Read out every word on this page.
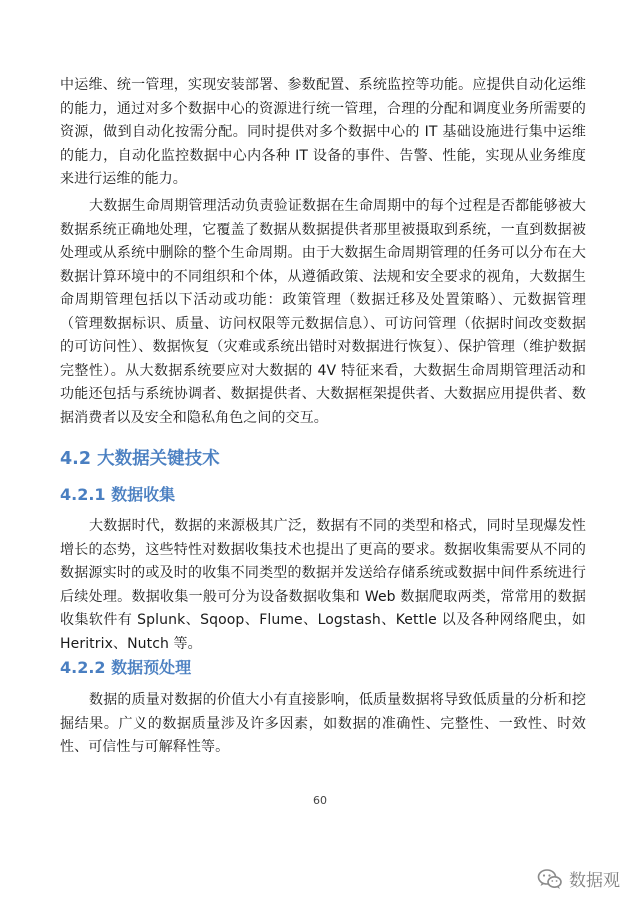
中运维、统一管理，实现安装部署、参数配置、系统监控等功能。应提供自动化运维的能力，通过对多个数据中心的资源进行统一管理，合理的分配和调度业务所需要的资源，做到自动化按需分配。同时提供对多个数据中心的 IT 基础设施进行集中运维的能力，自动化监控数据中心内各种 IT 设备的事件、告警、性能，实现从业务维度来进行运维的能力。

大数据生命周期管理活动负责验证数据在生命周期中的每个过程是否都能够被大数据系统正确地处理，它覆盖了数据从数据提供者那里被摄取到系统，一直到数据被处理或从系统中删除的整个生命周期。由于大数据生命周期管理的任务可以分布在大数据计算环境中的不同组织和个体，从遵循政策、法规和安全要求的视角，大数据生命周期管理包括以下活动或功能：政策管理（数据迁移及处置策略）、元数据管理（管理数据标识、质量、访问权限等元数据信息）、可访问管理（依据时间改变数据的可访问性）、数据恢复（灾难或系统出错时对数据进行恢复）、保护管理（维护数据完整性）。从大数据系统要应对大数据的 4V 特征来看，大数据生命周期管理活动和功能还包括与系统协调者、数据提供者、大数据框架提供者、大数据应用提供者、数据消费者以及安全和隐私角色之间的交互。

4.2 大数据关键技术
4.2.1 数据收集

大数据时代，数据的来源极其广泛，数据有不同的类型和格式，同时呈现爆发性增长的态势，这些特性对数据收集技术也提出了更高的要求。数据收集需要从不同的数据源实时的或及时的收集不同类型的数据并发送给存储系统或数据中间件系统进行后续处理。数据收集一般可分为设备数据收集和 Web 数据爬取两类，常常用的数据收集软件有 Splunk、Sqoop、Flume、Logstash、Kettle 以及各种网络爬虫，如 Heritrix、Nutch 等。

4.2.2 数据预处理

数据的质量对数据的价值大小有直接影响，低质量数据将导致低质量的分析和挖掘结果。广义的数据质量涉及许多因素，如数据的准确性、完整性、一致性、时效性、可信性与可解释性等。

60
数据观
